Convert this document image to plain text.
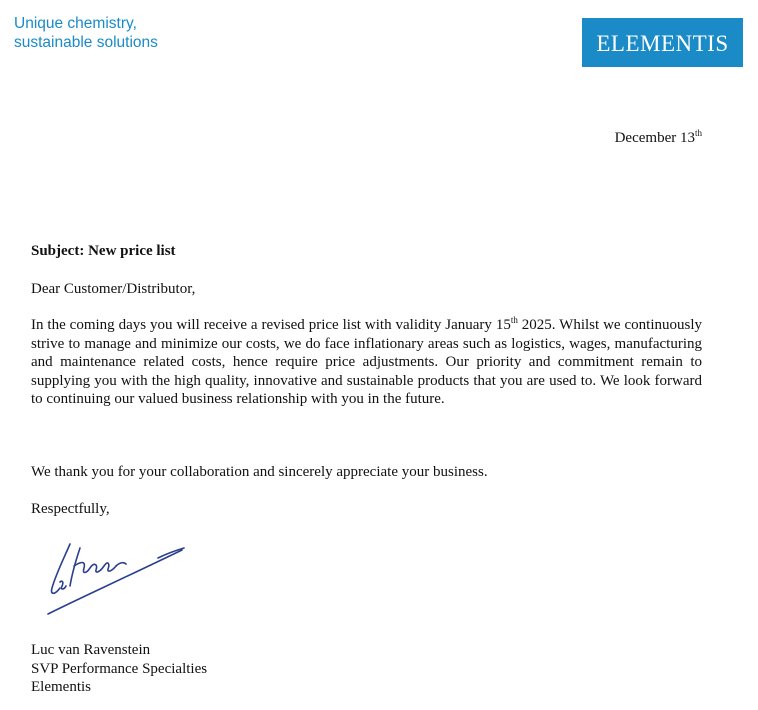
Unique chemistry,
sustainable solutions	ELEMENTIS
December 13th
Subject: New price list
Dear Customer/Distributor,
In the coming days you will receive a revised price list with validity January 15th 2025. Whilst we continuously strive to manage and minimize our costs, we do face inflationary areas such as logistics, wages, manufacturing and maintenance related costs, hence require price adjustments. Our priority and commitment remain to supplying you with the high quality, innovative and sustainable products that you are used to. We look forward to continuing our valued business relationship with you in the future.
We thank you for your collaboration and sincerely appreciate your business.
Respectfully,
Luc van Ravenstein
SVP Performance Specialties
Elementis
